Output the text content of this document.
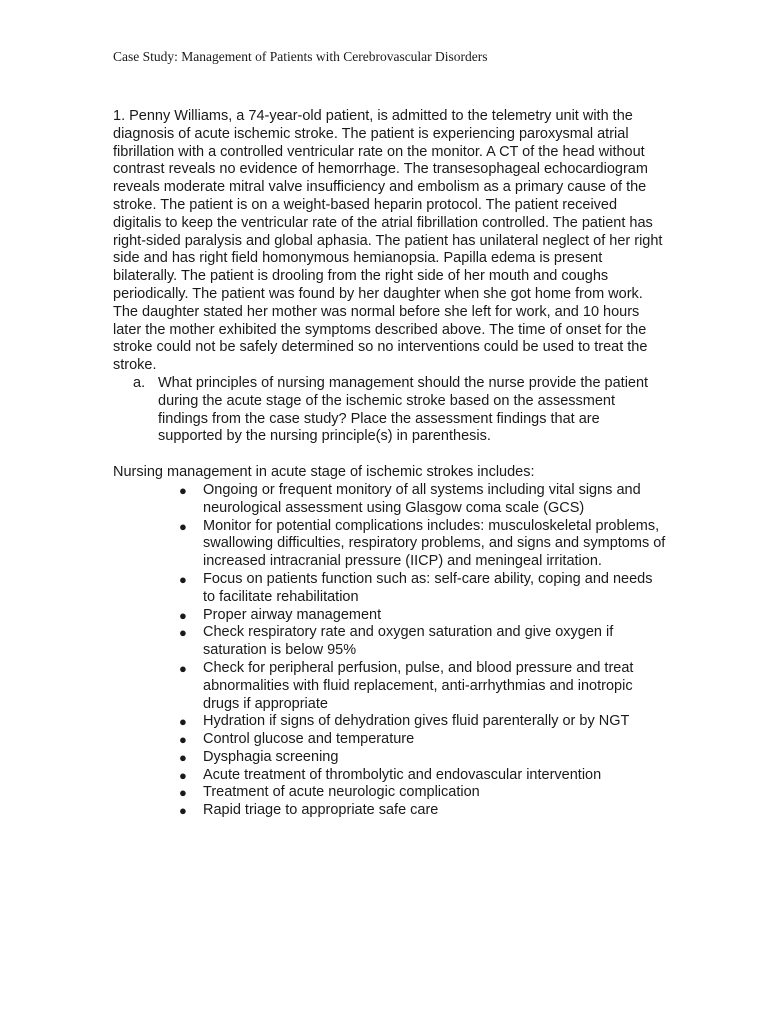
Case Study: Management of Patients with Cerebrovascular Disorders

1. Penny Williams, a 74-year-old patient, is admitted to the telemetry unit with the diagnosis of acute ischemic stroke. The patient is experiencing paroxysmal atrial fibrillation with a controlled ventricular rate on the monitor. A CT of the head without contrast reveals no evidence of hemorrhage. The transesophageal echocardiogram reveals moderate mitral valve insufficiency and embolism as a primary cause of the stroke. The patient is on a weight-based heparin protocol. The patient received digitalis to keep the ventricular rate of the atrial fibrillation controlled. The patient has right-sided paralysis and global aphasia. The patient has unilateral neglect of her right side and has right field homonymous hemianopsia. Papilla edema is present bilaterally. The patient is drooling from the right side of her mouth and coughs periodically. The patient was found by her daughter when she got home from work. The daughter stated her mother was normal before she left for work, and 10 hours later the mother exhibited the symptoms described above. The time of onset for the stroke could not be safely determined so no interventions could be used to treat the stroke.

a. What principles of nursing management should the nurse provide the patient during the acute stage of the ischemic stroke based on the assessment findings from the case study? Place the assessment findings that are supported by the nursing principle(s) in parenthesis.

Nursing management in acute stage of ischemic strokes includes:

●	Ongoing or frequent monitory of all systems including vital signs and neurological assessment using Glasgow coma scale (GCS)
●	Monitor for potential complications includes: musculoskeletal problems, swallowing difficulties, respiratory problems, and signs and symptoms of increased intracranial pressure (IICP) and meningeal irritation.
●	Focus on patients function such as: self-care ability, coping and needs to facilitate rehabilitation
●	Proper airway management
●	Check respiratory rate and oxygen saturation and give oxygen if saturation is below 95%
●	Check for peripheral perfusion, pulse, and blood pressure and treat abnormalities with fluid replacement, anti-arrhythmias and inotropic drugs if appropriate
●	Hydration if signs of dehydration gives fluid parenterally or by NGT
●	Control glucose and temperature
●	Dysphagia screening
●	Acute treatment of thrombolytic and endovascular intervention
●	Treatment of acute neurologic complication
●	Rapid triage to appropriate safe care
